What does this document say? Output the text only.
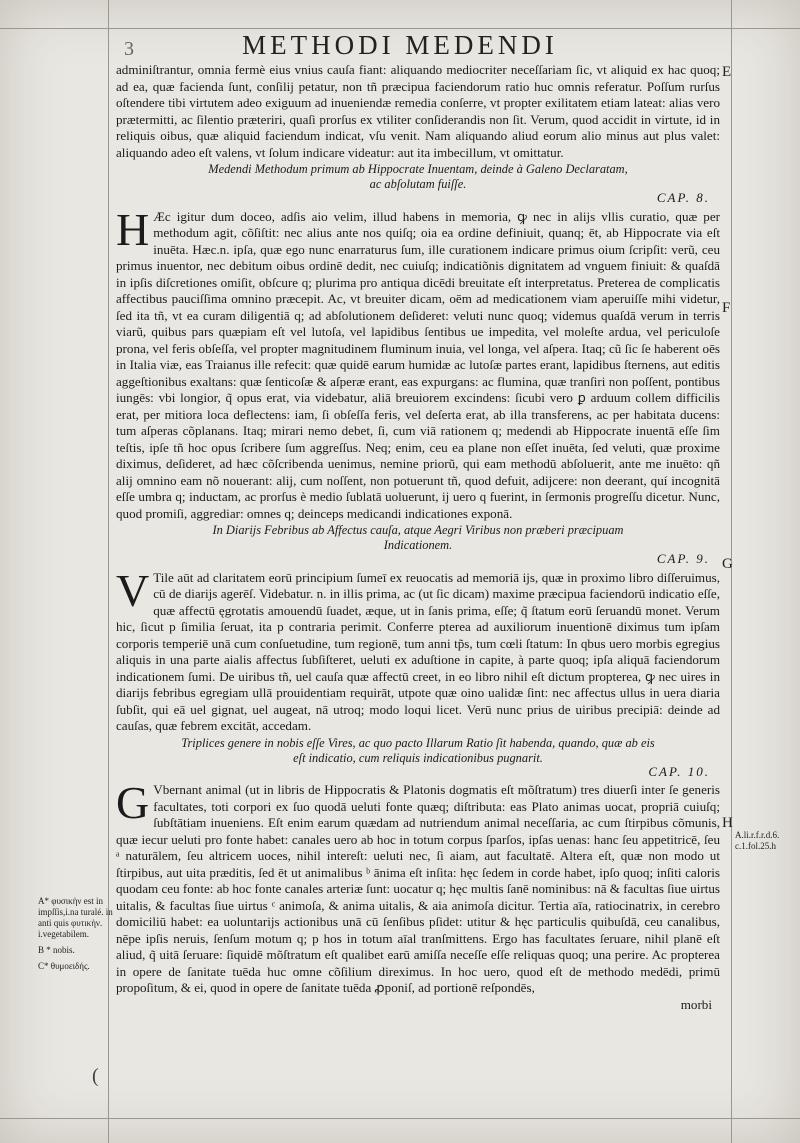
3	METHODI MEDENDI

adminiſtrantur, omnia fermè eius vnius cauſa fiant: aliquando mediocriter neceſſariam ſic, vt aliquid ex hac quoq; ad ea, quæ facienda ſunt, conſilij petatur, non tñ præcipua faciendorum ratio huc omnis referatur. Poſſum rurſus oſtendere tibi virtutem adeo exiguum ad inueniendæ remedia conſerre, vt propter exilitatem etiam lateat: alias vero prætermitti, ac ſilentio præteriri, quaſi prorſus ex vtiliter conſiderandis non ſit. Verum, quod accidit in virtute, id in reliquis oibus, quæ aliquid faciendum indicat, vſu venit. Nam aliquando aliud eorum alio minus aut plus valet: aliquando adeo eſt valens, vt ſolum indicare videatur: aut ita imbecillum, vt omittatur.

Medendi Methodum primum ab Hippocrate Inuentam, deinde à Galeno Declaratam,
ac abſolutam fuiſſe.
CAP. 8.

H Æc igitur dum doceo, adſis aio velim, illud habens in memoria, ꝙ nec in alijs vllis curatio, quæ per methodum agit, cõſiſtit: nec alius ante nos quiſq; oia ea ordine definiuit, quanq; ēt, ab Hippocrate via eſt inuēta. Hæc.n. ipſa, quæ ego nunc enarraturus ſum, ille curationem indicare primus oium ſcripſit: verũ, ceu primus inuentor, nec debitum oibus ordinē dedit, nec cuiuſq; indicatiõnis dignitatem ad vnguem finiuit: & quaſdā in ipſis diſcretiones omiſit, obſcure q; plurima pro antiqua dicēdi breuitate eſt interpretatus. Preterea de complicatis affectibus pauciſſima omnino præcepit. Ac, vt breuiter dicam, oēm ad medicationem viam aperuiſſe mihi videtur, ſed ita tñ, vt ea curam diligentiā q; ad abſolutionem deſideret: veluti nunc quoq; videmus quaſdā verum in terris viarũ, quibus pars quæpiam eſt vel lutoſa, vel lapidibus ſentibus ue impedita, vel moleſte ardua, vel periculoſe prona, vel feris obſeſſa, vel propter magnitudinem fluminum inuia, vel longa, vel aſpera. Itaq; cũ ſic ſe haberent oēs in Italia viæ, eas Traianus ille refecit: quæ quidē earum humidæ ac lutoſæ partes erant, lapidibus ſternens, aut editis aggeſtionibus exaltans: quæ ſenticoſæ & aſperæ erant, eas expurgans: ac flumina, quæ tranſiri non poſſent, pontibus iungēs: vbi longior, q̃ opus erat, via videbatur, aliā breuiorem excindens: ſicubi vero ꝑ arduum collem difficilis erat, per mitiora loca deflectens: iam, ſi obſeſſa feris, vel deſerta erat, ab illa transferens, ac per habitata ducens: tum aſperas cõplanans. Itaq; mirari nemo debet, ſi, cum viā rationem q; medendi ab Hippocrate inuentā eſſe ſim teſtis, ipſe tñ hoc opus ſcribere ſum aggreſſus. Neq; enim, ceu ea plane non eſſet inuēta, ſed veluti, quæ proxime diximus, deſideret, ad hæc cõſcribenda uenimus, nemine priorũ, qui eam methodū abſoluerit, ante me inuēto: qñ alij omnino eam nõ nouerant: alij, cum noſſent, non potuerunt tñ, quod defuit, adijcere: non deerant, quí incognitā eſſe umbra q; inductam, ac prorſus è medio ſublatā uoluerunt, ij uero q fuerint, in ſermonis progreſſu dicetur. Nunc, quod promiſi, aggrediar: omnes q; deinceps medicandi indicationes exponā.

In Diarijs Febribus ab Affectus cauſa, atque Aegri Viribus non præberi præcipuam
Indicationem.
CAP. 9.

V Tile aūt ad claritatem eorū principium ſumeī ex reuocatis ad memoriā ijs, quæ in proximo libro diſſeruimus, cū de diarijs agerēſ. Videbatur. n. in illis prima, ac (ut ſic dicam) maxime præcipua faciendorū indicatio eſſe, quæ affectū ęgrotatis amouendū ſuadet, æque, ut in ſanis prima, eſſe; q̃ ſtatum eorū ſeruandū monet. Verum hic, ſicut p ſimilia ſeruat, ita p contraria perimit. Conferre pterea ad auxiliorum inuentionē diximus tum ipſam corporis temperiē unā cum conſuetudine, tum regionē, tum anni tp̃s, tum cœli ſtatum: In qbus uero morbis egregius aliquis in una parte aialis affectus ſubſiſteret, ueluti ex aduſtione in capite, à parte quoq; ipſa aliquā faciendorum indicationem ſumi. De uiribus tñ, uel cauſa quæ affectū creet, in eo libro nihil eſt dictum propterea, ꝙ nec uires in diarijs febribus egregiam ullā prouidentiam requirāt, utpote quæ oino ualidæ ſint: nec affectus ullus in uera diaria ſubſit, qui eā uel gignat, uel augeat, nā utroq; modo loqui licet. Verū nunc prius de uiribus precipiā: deinde ad cauſas, quæ febrem excitāt, accedam.

Triplices genere in nobis eſſe Vires, ac quo pacto Illarum Ratio ſit habenda, quando, quæ ab eis
eſt indicatio, cum reliquis indicationibus pugnarit.
CAP. 10.

G Vbernant animal (ut in libris de Hippocratis & Platonis dogmatis eſt mõſtratum) tres diuerſi inter ſe generis facultates, toti corpori ex ſuo quodā ueluti fonte quæq; diſtributa: eas Plato animas uocat, propriā cuiuſq; ſubſtātiam inueniens. Eſt enim earum quædam ad nutriendum animal neceſſaria, ac cum ſtirpibus cõmunis, quæ iecur ueluti pro fonte habet: canales uero ab hoc in totum corpus ſparſos, ipſas uenas: hanc ſeu appetitricē, ſeu ᵃ naturālem, ſeu altricem uoces, nihil intereſt: ueluti nec, ſi aiam, aut facultatē. Altera eſt, quæ non modo ut ſtirpibus, aut uita præditis, ſed ēt ut animalibus ᵇ ānima eſt inſita: hęc ſedem in corde habet, ipſo quoq; inſiti caloris quodam ceu fonte: ab hoc fonte canales arteriæ ſunt: uocatur q; hęc multis ſanē nominibus: nā & facultas ſiue uirtus uitalis, & facultas ſiue uirtus ᶜ animoſa, & anima uitalis, & aia animoſa dicitur. Tertia aīa, ratiocinatrix, in cerebro domiciliū habet: ea uoluntarijs actionibus unā cū ſenſibus pſidet: utitur & hęc particulis quibuſdā, ceu canalibus, nēpe ipſis neruis, ſenſum motum q; p hos in totum aīal tranſmittens. Ergo has facultates ſeruare, nihil planē eſt aliud, q̃ uitā ſeruare: ſiquidē mõſtratum eſt qualibet earū amiſſa neceſſe eſſe reliquas quoq; una perire. Ac propterea in opere de ſanitate tuēda huc omne cõſilium direximus. In hoc uero, quod eſt de methodo medēdi, primū propoſitum, & ei, quod in opere de ſanitate tuēda ꝓponiſ, ad portionē reſpondēs,

morbi
E
F
G
H
A.li.r.f.r.d.6. c.1.fol.25.h
A* φυσικὴν est in impſſis,i.na turalé. in anti quis φυτικὴν. i.vegetabilem.
B * nobis.
C* θυμοειδής.
(
